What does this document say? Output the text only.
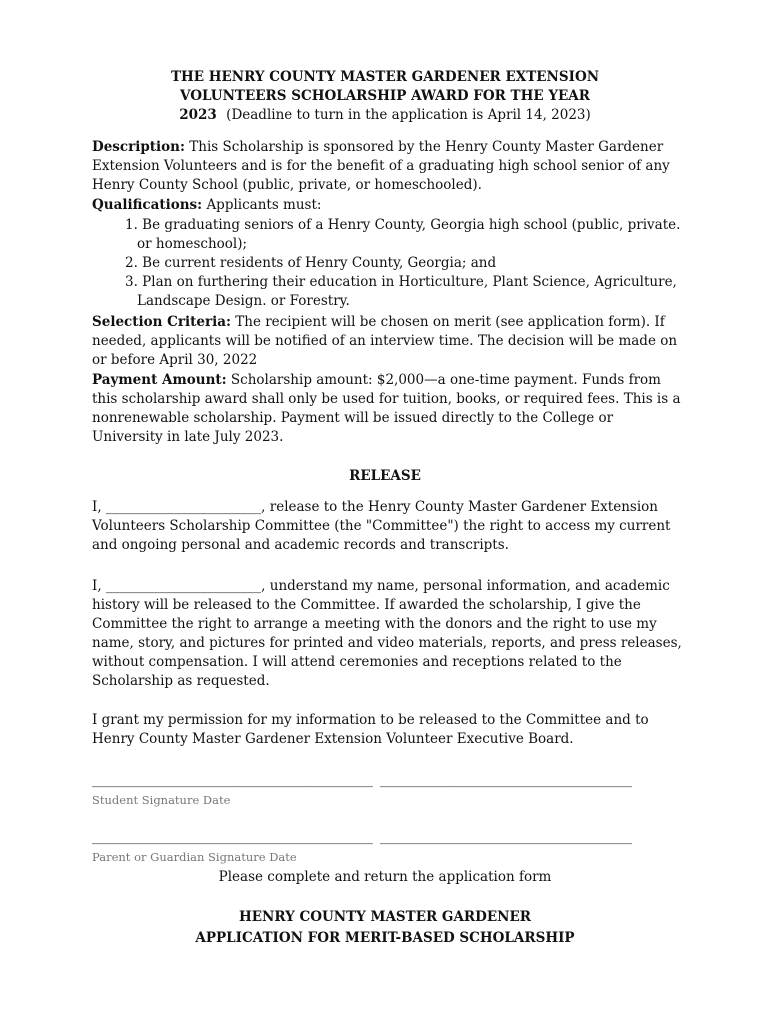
THE HENRY COUNTY MASTER GARDENER EXTENSION
VOLUNTEERS SCHOLARSHIP AWARD FOR THE YEAR
2023 (Deadline to turn in the application is April 14, 2023)
Description: This Scholarship is sponsored by the Henry County Master Gardener Extension Volunteers and is for the benefit of a graduating high school senior of any Henry County School (public, private, or homeschooled).
Qualifications: Applicants must:
1. Be graduating seniors of a Henry County, Georgia high school (public, private. or homeschool);
2. Be current residents of Henry County, Georgia; and
3. Plan on furthering their education in Horticulture, Plant Science, Agriculture, Landscape Design. or Forestry.
Selection Criteria: The recipient will be chosen on merit (see application form). If needed, applicants will be notified of an interview time. The decision will be made on or before April 30, 2022
Payment Amount: Scholarship amount: $2,000—a one-time payment. Funds from this scholarship award shall only be used for tuition, books, or required fees. This is a nonrenewable scholarship. Payment will be issued directly to the College or University in late July 2023.
RELEASE
I, _______________________, release to the Henry County Master Gardener Extension Volunteers Scholarship Committee (the "Committee") the right to access my current and ongoing personal and academic records and transcripts.
I, _______________________, understand my name, personal information, and academic history will be released to the Committee. If awarded the scholarship, I give the Committee the right to arrange a meeting with the donors and the right to use my name, story, and pictures for printed and video materials, reports, and press releases, without compensation. I will attend ceremonies and receptions related to the Scholarship as requested.
I grant my permission for my information to be released to the Committee and to Henry County Master Gardener Extension Volunteer Executive Board.
_______________________________________ ___________________________________
Student Signature Date
_______________________________________ ___________________________________
Parent or Guardian Signature Date
Please complete and return the application form
HENRY COUNTY MASTER GARDENER
APPLICATION FOR MERIT-BASED SCHOLARSHIP
